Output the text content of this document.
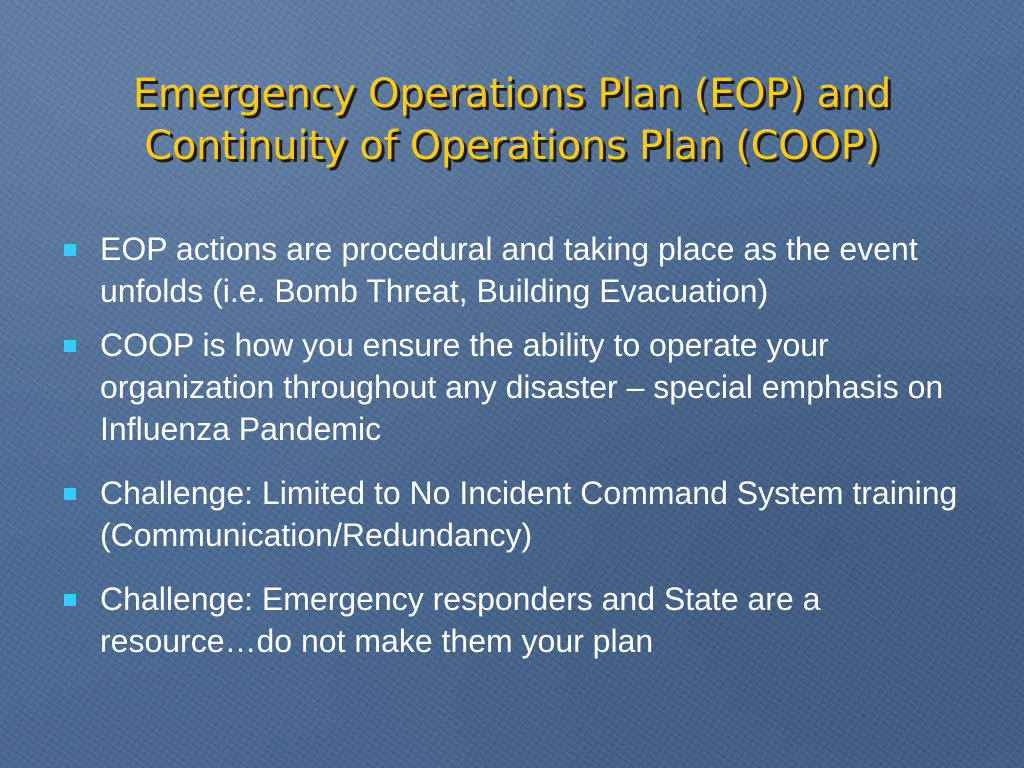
Emergency Operations Plan (EOP) and
Continuity of Operations Plan (COOP)
EOP actions are procedural and taking place as the event unfolds (i.e. Bomb Threat, Building Evacuation)
COOP is how you ensure the ability to operate your organization throughout any disaster – special emphasis on Influenza Pandemic
Challenge: Limited to No Incident Command System training (Communication/Redundancy)
Challenge: Emergency responders and State are a resource…do not make them your plan
